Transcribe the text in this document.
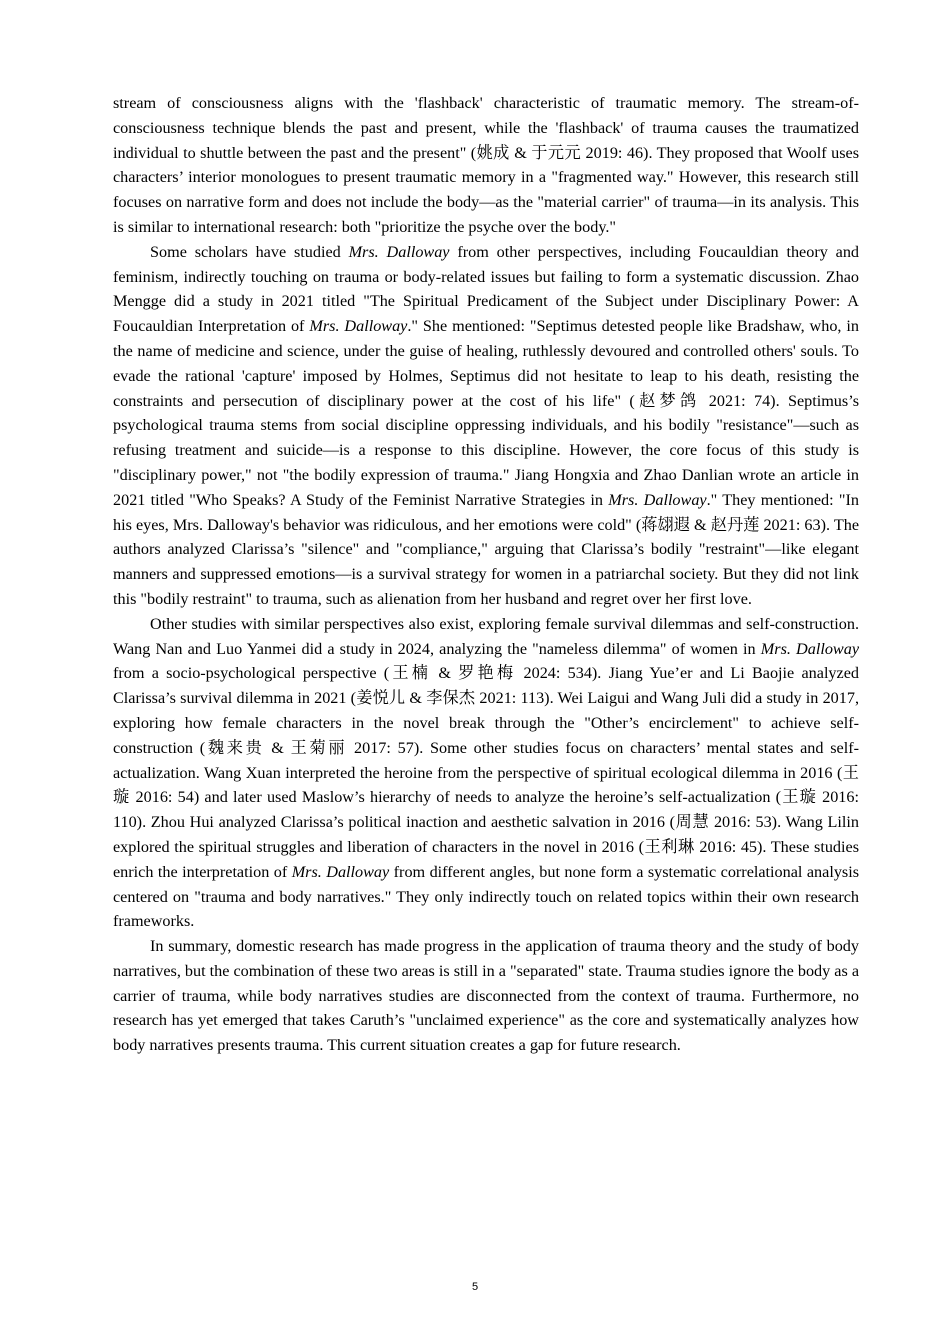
stream of consciousness aligns with the 'flashback' characteristic of traumatic memory. The stream-of-consciousness technique blends the past and present, while the 'flashback' of trauma causes the traumatized individual to shuttle between the past and the present" (姚成 & 于元元 2019: 46). They proposed that Woolf uses characters’ interior monologues to present traumatic memory in a "fragmented way." However, this research still focuses on narrative form and does not include the body—as the "material carrier" of trauma—in its analysis. This is similar to international research: both "prioritize the psyche over the body."

Some scholars have studied Mrs. Dalloway from other perspectives, including Foucauldian theory and feminism, indirectly touching on trauma or body-related issues but failing to form a systematic discussion. Zhao Mengge did a study in 2021 titled "The Spiritual Predicament of the Subject under Disciplinary Power: A Foucauldian Interpretation of Mrs. Dalloway." She mentioned: "Septimus detested people like Bradshaw, who, in the name of medicine and science, under the guise of healing, ruthlessly devoured and controlled others' souls. To evade the rational 'capture' imposed by Holmes, Septimus did not hesitate to leap to his death, resisting the constraints and persecution of disciplinary power at the cost of his life" (赵梦鸽 2021: 74). Septimus’s psychological trauma stems from social discipline oppressing individuals, and his bodily "resistance"—such as refusing treatment and suicide—is a response to this discipline. However, the core focus of this study is "disciplinary power," not "the bodily expression of trauma." Jiang Hongxia and Zhao Danlian wrote an article in 2021 titled "Who Speaks? A Study of the Feminist Narrative Strategies in Mrs. Dalloway." They mentioned: "In his eyes, Mrs. Dalloway's behavior was ridiculous, and her emotions were cold" (蒋翃遐 & 赵丹莲 2021: 63). The authors analyzed Clarissa’s "silence" and "compliance," arguing that Clarissa’s bodily "restraint"—like elegant manners and suppressed emotions—is a survival strategy for women in a patriarchal society. But they did not link this "bodily restraint" to trauma, such as alienation from her husband and regret over her first love.

Other studies with similar perspectives also exist, exploring female survival dilemmas and self-construction. Wang Nan and Luo Yanmei did a study in 2024, analyzing the "nameless dilemma" of women in Mrs. Dalloway from a socio-psychological perspective (王楠 & 罗艳梅 2024: 534). Jiang Yue’er and Li Baojie analyzed Clarissa’s survival dilemma in 2021 (姜悦儿 & 李保杰 2021: 113). Wei Laigui and Wang Juli did a study in 2017, exploring how female characters in the novel break through the "Other’s encirclement" to achieve self-construction (魏来贵 & 王菊丽 2017: 57). Some other studies focus on characters’ mental states and self-actualization. Wang Xuan interpreted the heroine from the perspective of spiritual ecological dilemma in 2016 (王璇 2016: 54) and later used Maslow’s hierarchy of needs to analyze the heroine’s self-actualization (王璇 2016: 110). Zhou Hui analyzed Clarissa’s political inaction and aesthetic salvation in 2016 (周慧 2016: 53). Wang Lilin explored the spiritual struggles and liberation of characters in the novel in 2016 (王利琳 2016: 45). These studies enrich the interpretation of Mrs. Dalloway from different angles, but none form a systematic correlational analysis centered on "trauma and body narratives." They only indirectly touch on related topics within their own research frameworks.

In summary, domestic research has made progress in the application of trauma theory and the study of body narratives, but the combination of these two areas is still in a "separated" state. Trauma studies ignore the body as a carrier of trauma, while body narratives studies are disconnected from the context of trauma. Furthermore, no research has yet emerged that takes Caruth’s "unclaimed experience" as the core and systematically analyzes how body narratives presents trauma. This current situation creates a gap for future research.

5
